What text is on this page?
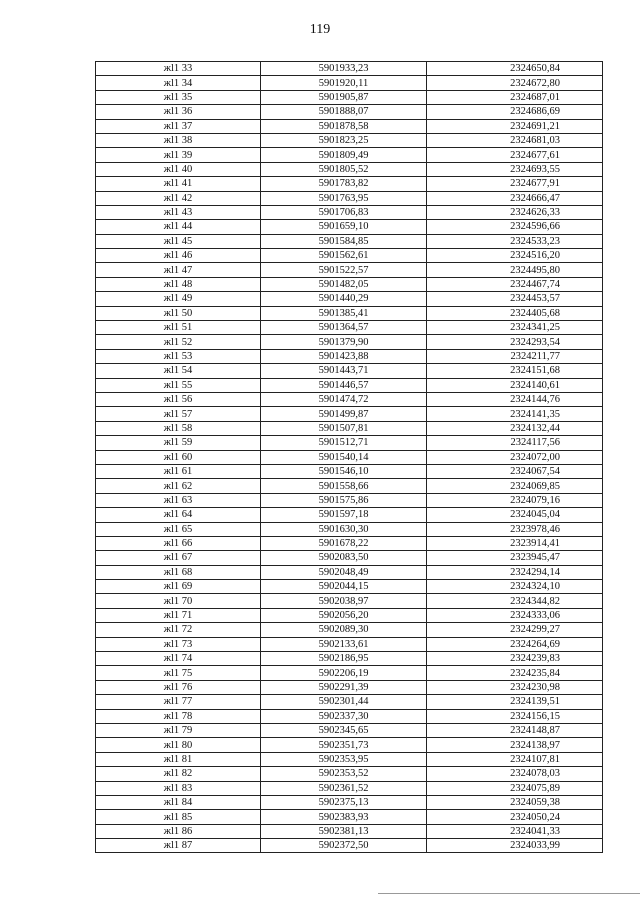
119
жl1 33	5901933,23	2324650,84
жl1 34	5901920,11	2324672,80
жl1 35	5901905,87	2324687,01
жl1 36	5901888,07	2324686,69
жl1 37	5901878,58	2324691,21
жl1 38	5901823,25	2324681,03
жl1 39	5901809,49	2324677,61
жl1 40	5901805,52	2324693,55
жl1 41	5901783,82	2324677,91
жl1 42	5901763,95	2324666,47
жl1 43	5901706,83	2324626,33
жl1 44	5901659,10	2324596,66
жl1 45	5901584,85	2324533,23
жl1 46	5901562,61	2324516,20
жl1 47	5901522,57	2324495,80
жl1 48	5901482,05	2324467,74
жl1 49	5901440,29	2324453,57
жl1 50	5901385,41	2324405,68
жl1 51	5901364,57	2324341,25
жl1 52	5901379,90	2324293,54
жl1 53	5901423,88	2324211,77
жl1 54	5901443,71	2324151,68
жl1 55	5901446,57	2324140,61
жl1 56	5901474,72	2324144,76
жl1 57	5901499,87	2324141,35
жl1 58	5901507,81	2324132,44
жl1 59	5901512,71	2324117,56
жl1 60	5901540,14	2324072,00
жl1 61	5901546,10	2324067,54
жl1 62	5901558,66	2324069,85
жl1 63	5901575,86	2324079,16
жl1 64	5901597,18	2324045,04
жl1 65	5901630,30	2323978,46
жl1 66	5901678,22	2323914,41
жl1 67	5902083,50	2323945,47
жl1 68	5902048,49	2324294,14
жl1 69	5902044,15	2324324,10
жl1 70	5902038,97	2324344,82
жl1 71	5902056,20	2324333,06
жl1 72	5902089,30	2324299,27
жl1 73	5902133,61	2324264,69
жl1 74	5902186,95	2324239,83
жl1 75	5902206,19	2324235,84
жl1 76	5902291,39	2324230,98
жl1 77	5902301,44	2324139,51
жl1 78	5902337,30	2324156,15
жl1 79	5902345,65	2324148,87
жl1 80	5902351,73	2324138,97
жl1 81	5902353,95	2324107,81
жl1 82	5902353,52	2324078,03
жl1 83	5902361,52	2324075,89
жl1 84	5902375,13	2324059,38
жl1 85	5902383,93	2324050,24
жl1 86	5902381,13	2324041,33
жl1 87	5902372,50	2324033,99
